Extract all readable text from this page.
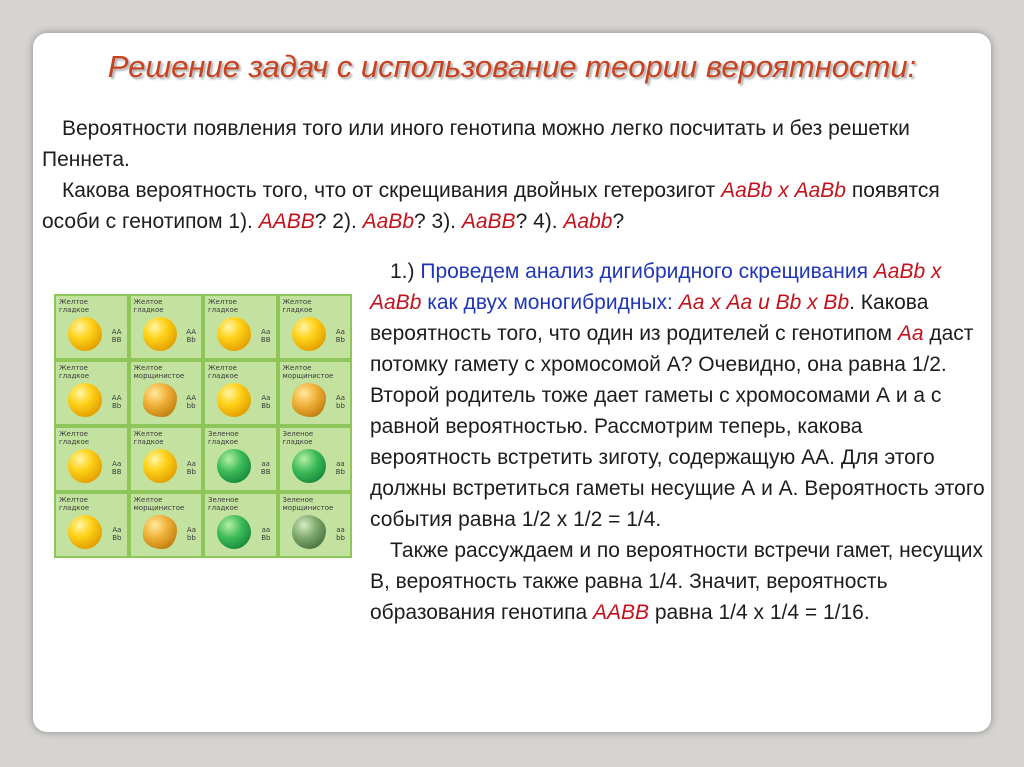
Решение задач с использование теории вероятности:
Вероятности появления того или иного генотипа можно легко посчитать и без решетки Пеннета.
Какова вероятность того, что от скрещивания двойных гетерозигот АаВb х АаВb появятся особи с генотипом 1). ААВВ? 2). АаВb? 3). АаВВ? 4). Aabb?
Желтое гладкое
AA
BB
Желтое гладкое
AA
Bb
Желтое гладкое
Aa
BB
Желтое гладкое
Aa
Bb
Желтое гладкое
AA
Bb
Желтое морщинистое
AA
bb
Желтое гладкое
Aa
Bb
Желтое морщинистое
Aa
bb
Желтое гладкое
Aa
BB
Желтое гладкое
Aa
Bb
Зеленое гладкое
aa
BB
Зеленое гладкое
aa
Bb
Желтое гладкое
Aa
Bb
Желтое морщинистое
Aa
bb
Зеленое гладкое
aa
Bb
Зеленое морщинистое
aa
bb
1.) Проведем анализ дигибридного скрещивания АаВb х АаВb как двух моногибридных: Аа х Аа и Вb х Вb. Какова вероятность того, что один из родителей с генотипом Аа даст потомку гамету с хромосомой А? Очевидно, она равна 1/2. Второй родитель тоже дает гаметы с хромосомами А и а с равной вероятностью. Рассмотрим теперь, какова вероятность встретить зиготу, содержащую АА. Для этого должны встретиться гаметы несущие А и А. Вероятность этого события равна 1/2 х 1/2 = 1/4.
Также рассуждаем и по вероятности встречи гамет, несущих В, вероятность также равна 1/4. Значит, вероятность образования генотипа ААВВ равна 1/4 х 1/4 = 1/16.
